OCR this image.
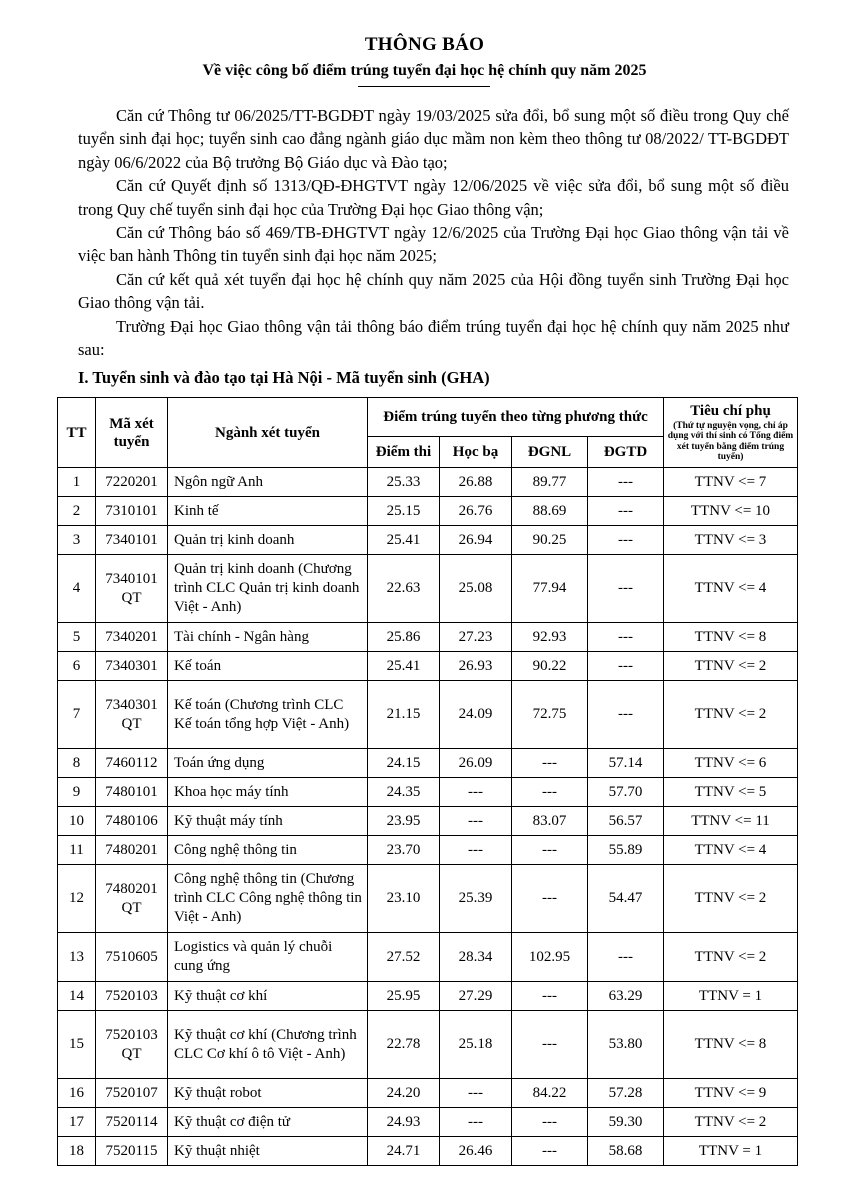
THÔNG BÁO
Về việc công bố điểm trúng tuyển đại học hệ chính quy năm 2025

Căn cứ Thông tư 06/2025/TT-BGDĐT ngày 19/03/2025 sửa đổi, bổ sung một số điều trong Quy chế tuyển sinh đại học; tuyển sinh cao đẳng ngành giáo dục mầm non kèm theo thông tư 08/2022/ TT-BGDĐT ngày 06/6/2022 của Bộ trưởng Bộ Giáo dục và Đào tạo;

Căn cứ Quyết định số 1313/QĐ-ĐHGTVT ngày 12/06/2025 về việc sửa đổi, bổ sung một số điều trong Quy chế tuyển sinh đại học của Trường Đại học Giao thông vận;

Căn cứ Thông báo số 469/TB-ĐHGTVT ngày 12/6/2025 của Trường Đại học Giao thông vận tải về việc ban hành Thông tin tuyển sinh đại học năm 2025;

Căn cứ kết quả xét tuyển đại học hệ chính quy năm 2025 của Hội đồng tuyển sinh Trường Đại học Giao thông vận tải.

Trường Đại học Giao thông vận tải thông báo điểm trúng tuyển đại học hệ chính quy năm 2025 như sau:

I. Tuyển sinh và đào tạo tại Hà Nội - Mã tuyển sinh (GHA)
TT	Mã xét tuyển	Ngành xét tuyển	Điểm trúng tuyển theo từng phương thức				Tiêu chí phụ
(Thứ tự nguyện vọng, chỉ áp dụng với thí sinh có Tổng điểm xét tuyển bằng điểm trúng tuyển)

			Điểm thi	Học bạ	ĐGNL	ĐGTD	
1	7220201	Ngôn ngữ Anh	25.33	26.88	89.77	---	TTNV <= 7
2	7310101	Kinh tế	25.15	26.76	88.69	---	TTNV <= 10
3	7340101	Quản trị kinh doanh	25.41	26.94	90.25	---	TTNV <= 3
4	7340101 QT	Quản trị kinh doanh (Chương trình CLC Quản trị kinh doanh Việt - Anh)	22.63	25.08	77.94	---	TTNV <= 4
5	7340201	Tài chính - Ngân hàng	25.86	27.23	92.93	---	TTNV <= 8
6	7340301	Kế toán	25.41	26.93	90.22	---	TTNV <= 2
7	7340301 QT	Kế toán (Chương trình CLC Kế toán tổng hợp Việt - Anh)	21.15	24.09	72.75	---	TTNV <= 2
8	7460112	Toán ứng dụng	24.15	26.09	---	57.14	TTNV <= 6
9	7480101	Khoa học máy tính	24.35	---	---	57.70	TTNV <= 5
10	7480106	Kỹ thuật máy tính	23.95	---	83.07	56.57	TTNV <= 11
11	7480201	Công nghệ thông tin	23.70	---	---	55.89	TTNV <= 4
12	7480201 QT	Công nghệ thông tin (Chương trình CLC Công nghệ thông tin Việt - Anh)	23.10	25.39	---	54.47	TTNV <= 2
13	7510605	Logistics và quản lý chuỗi cung ứng	27.52	28.34	102.95	---	TTNV <= 2
14	7520103	Kỹ thuật cơ khí	25.95	27.29	---	63.29	TTNV = 1
15	7520103 QT	Kỹ thuật cơ khí (Chương trình CLC Cơ khí ô tô Việt - Anh)	22.78	25.18	---	53.80	TTNV <= 8
16	7520107	Kỹ thuật robot	24.20	---	84.22	57.28	TTNV <= 9
17	7520114	Kỹ thuật cơ điện tử	24.93	---	---	59.30	TTNV <= 2
18	7520115	Kỹ thuật nhiệt	24.71	26.46	---	58.68	TTNV = 1
